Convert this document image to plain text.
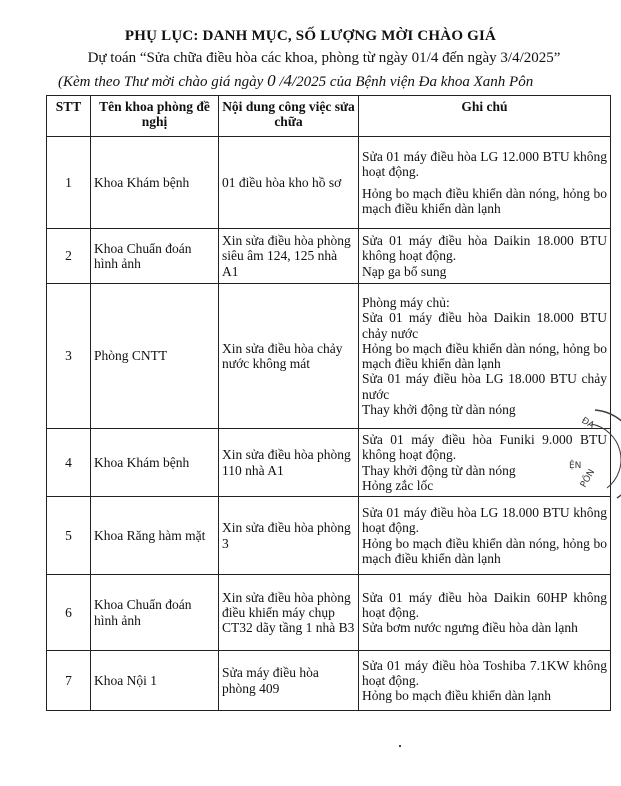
PHỤ LỤC: DANH MỤC, SỐ LƯỢNG MỜI CHÀO GIÁ
Dự toán “Sửa chữa điều hòa các khoa, phòng từ ngày 01/4 đến ngày 3/4/2025”
(Kèm theo Thư mời chào giá ngày 0 /4/2025 của Bệnh viện Đa khoa Xanh Pôn
STT	Tên khoa phòng đề nghị	Nội dung công việc sửa chữa	Ghi chú
1	Khoa Khám bệnh	01 điều hòa kho hồ sơ	Sửa 01 máy điều hòa LG 12.000 BTU không hoạt động.
Hỏng bo mạch điều khiển dàn nóng, hỏng bo mạch điều khiển dàn lạnh

2	Khoa Chuẩn đoán hình ảnh	Xin sửa điều hòa phòng siêu âm 124, 125 nhà A1	Sửa 01 máy điều hòa Daikin 18.000 BTU không hoạt động.
Nạp ga bổ sung

3	Phòng CNTT	Xin sửa điều hòa chảy nước không mát	Phòng máy chủ:
Sửa 01 máy điều hòa Daikin 18.000 BTU chảy nước
Hỏng bo mạch điều khiển dàn nóng, hỏng bo mạch điều khiển dàn lạnh
Sửa 01 máy điều hòa LG 18.000 BTU chảy nước
Thay khởi động từ dàn nóng

4	Khoa Khám bệnh	Xin sửa điều hòa phòng 110 nhà A1	Sửa 01 máy điều hòa Funiki 9.000 BTU không hoạt động.
Thay khởi động từ dàn nóng
Hỏng zắc lốc

5	Khoa Răng hàm mặt	Xin sửa điều hòa phòng 3	Sửa 01 máy điều hòa LG 18.000 BTU không hoạt động.
Hỏng bo mạch điều khiển dàn nóng, hỏng bo mạch điều khiển dàn lạnh

6	Khoa Chuẩn đoán hình ảnh	Xin sửa điều hòa phòng điều khiển máy chụp CT32 dãy tầng 1 nhà B3	Sửa 01 máy điều hòa Daikin 60HP không hoạt động.
Sửa bơm nước ngưng điều hòa dàn lạnh

7	Khoa Nội 1	Sửa máy điều hòa phòng 409	Sửa 01 máy điều hòa Toshiba 7.1KW không hoạt động.
Hỏng bo mạch điều khiển dàn lạnh
ĐA
ỆN
PÔN
